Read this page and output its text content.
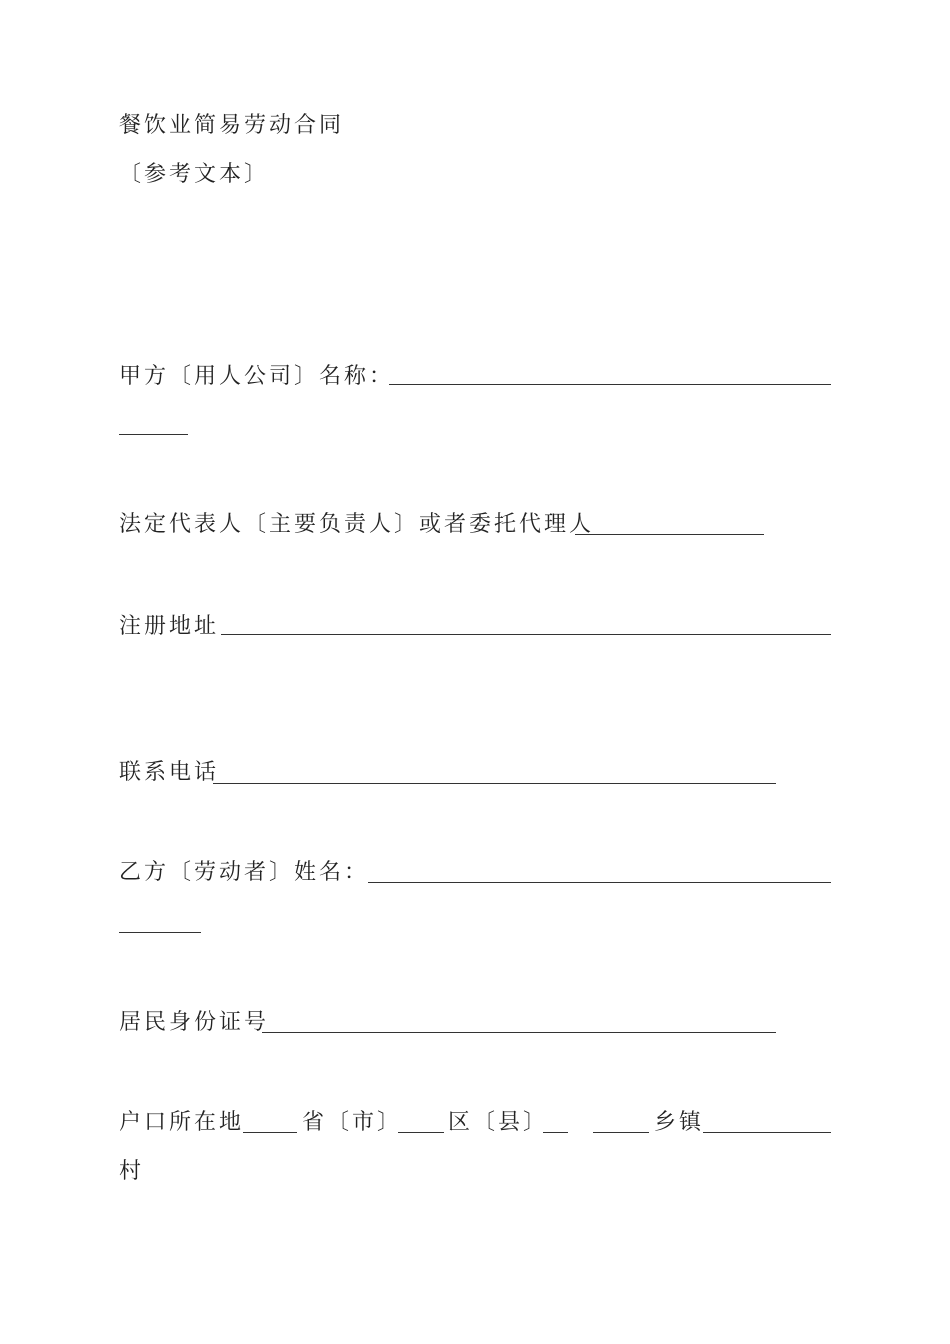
餐饮业简易劳动合同
〔参考文本〕
甲方〔用人公司〕名称：
法定代表人〔主要负责人〕或者委托代理人
注册地址
联系电话
乙方〔劳动者〕姓名：
居民身份证号
户口所在地	省〔市〕 区〔县〕	乡镇
村
